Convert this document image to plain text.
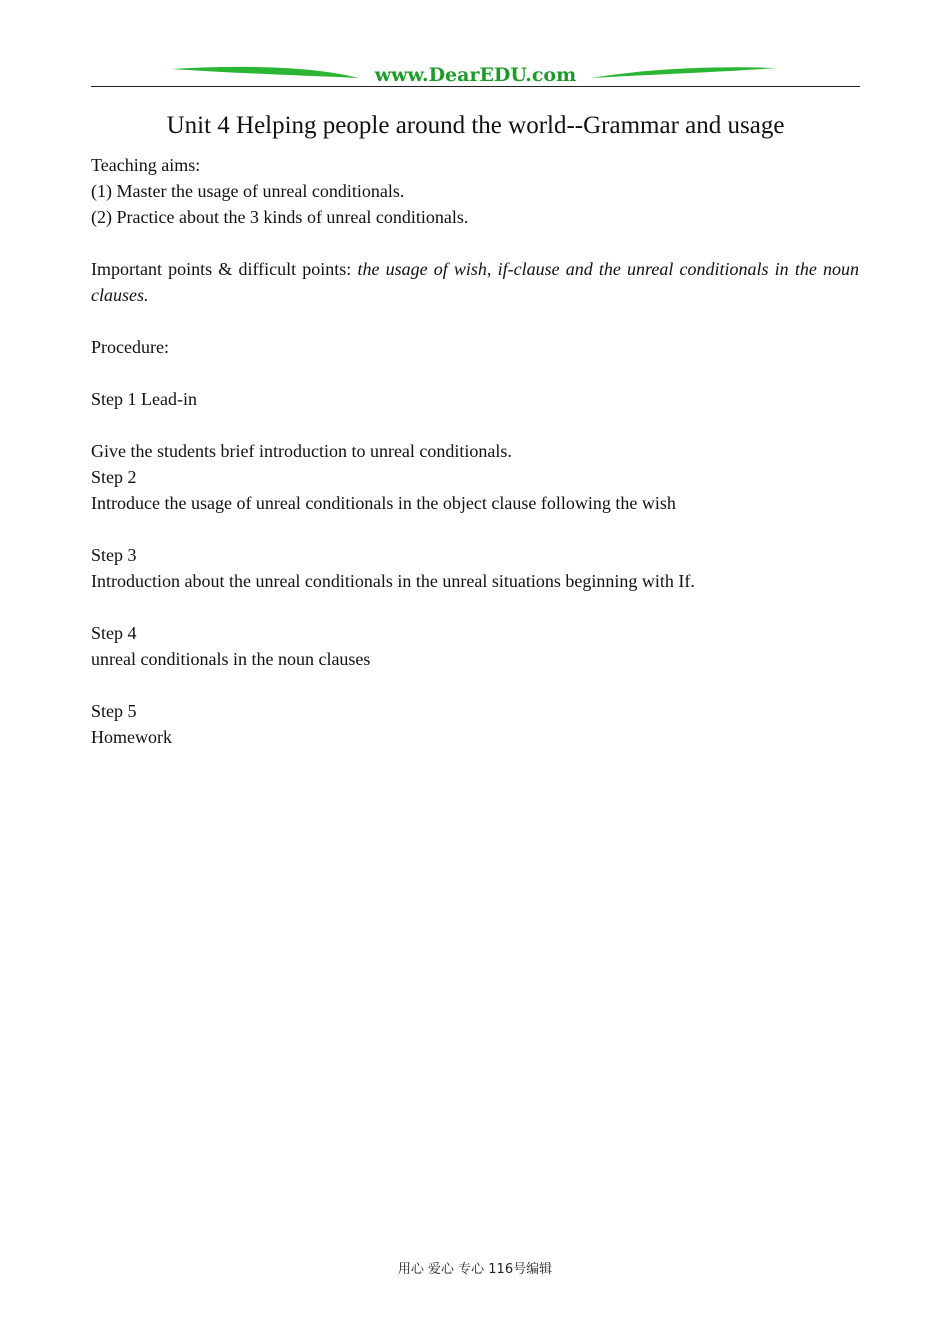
www.DearEDU.com
Unit 4 Helping people around the world--Grammar and usage

Teaching aims:

(1) Master the usage of unreal conditionals.

(2) Practice about the 3 kinds of unreal conditionals.

Important points & difficult points: the usage of wish, if-clause and the unreal conditionals in the noun clauses.

Procedure:

Step 1 Lead-in

Give the students brief introduction to unreal conditionals.

Step 2

Introduce the usage of unreal conditionals in the object clause following the wish

Step 3

Introduction about the unreal conditionals in the unreal situations beginning with If.

Step 4

unreal conditionals in the noun clauses

Step 5

Homework

用心 爱心 专心 116号编辑
